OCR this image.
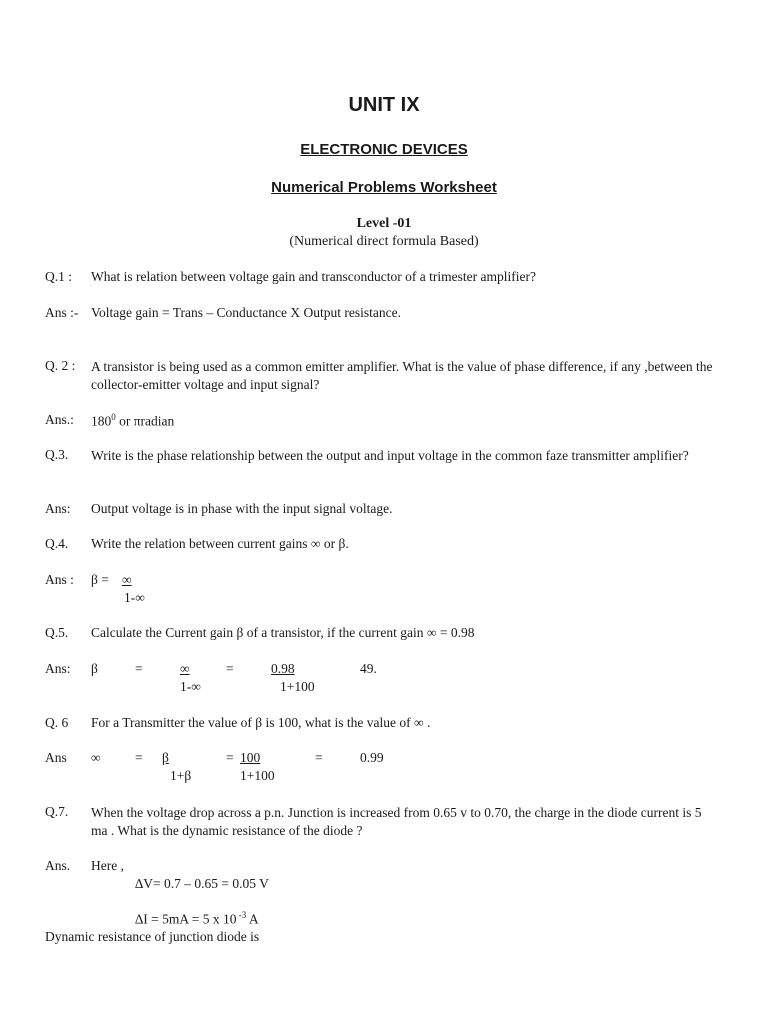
UNIT IX
ELECTRONIC DEVICES
Numerical Problems Worksheet
Level -01
(Numerical direct formula Based)
Q.1 : What is relation between voltage gain and transconductor of a trimester amplifier?
Ans :- Voltage gain = Trans – Conductance X Output resistance.
Q. 2 : A transistor is being used as a common emitter amplifier. What is the value of phase difference, if any ,between the collector-emitter voltage and input signal?
Ans.: $180^0$ or πradian
Q.3. Write is the phase relationship between the output and input voltage in the common faze transmitter amplifier?
Ans: Output voltage is in phase with the input signal voltage.
Q.4. Write the relation between current gains ∞ or β.
Ans : β = ∞
1-∞
Q.5. Calculate the Current gain β of a transistor, if the current gain ∞ = 0.98
Ans: β	=	∞
1-∞
=	0.98
1+100
49.
Q. 6 For a Transmitter the value of β is 100, what is the value of ∞ .
Ans ∞	= β
1+β
= 100
1+100
=	0.99
Q.7. When the voltage drop across a p.n. Junction is increased from 0.65 v to 0.70, the charge in the diode current is 5 ma . What is the dynamic resistance of the diode ?
Ans. Here ,
∆V= 0.7 – 0.65 = 0.05 V
∆I = 5mA = 5 x 10 $^{-3}$ A
Dynamic resistance of junction diode is
